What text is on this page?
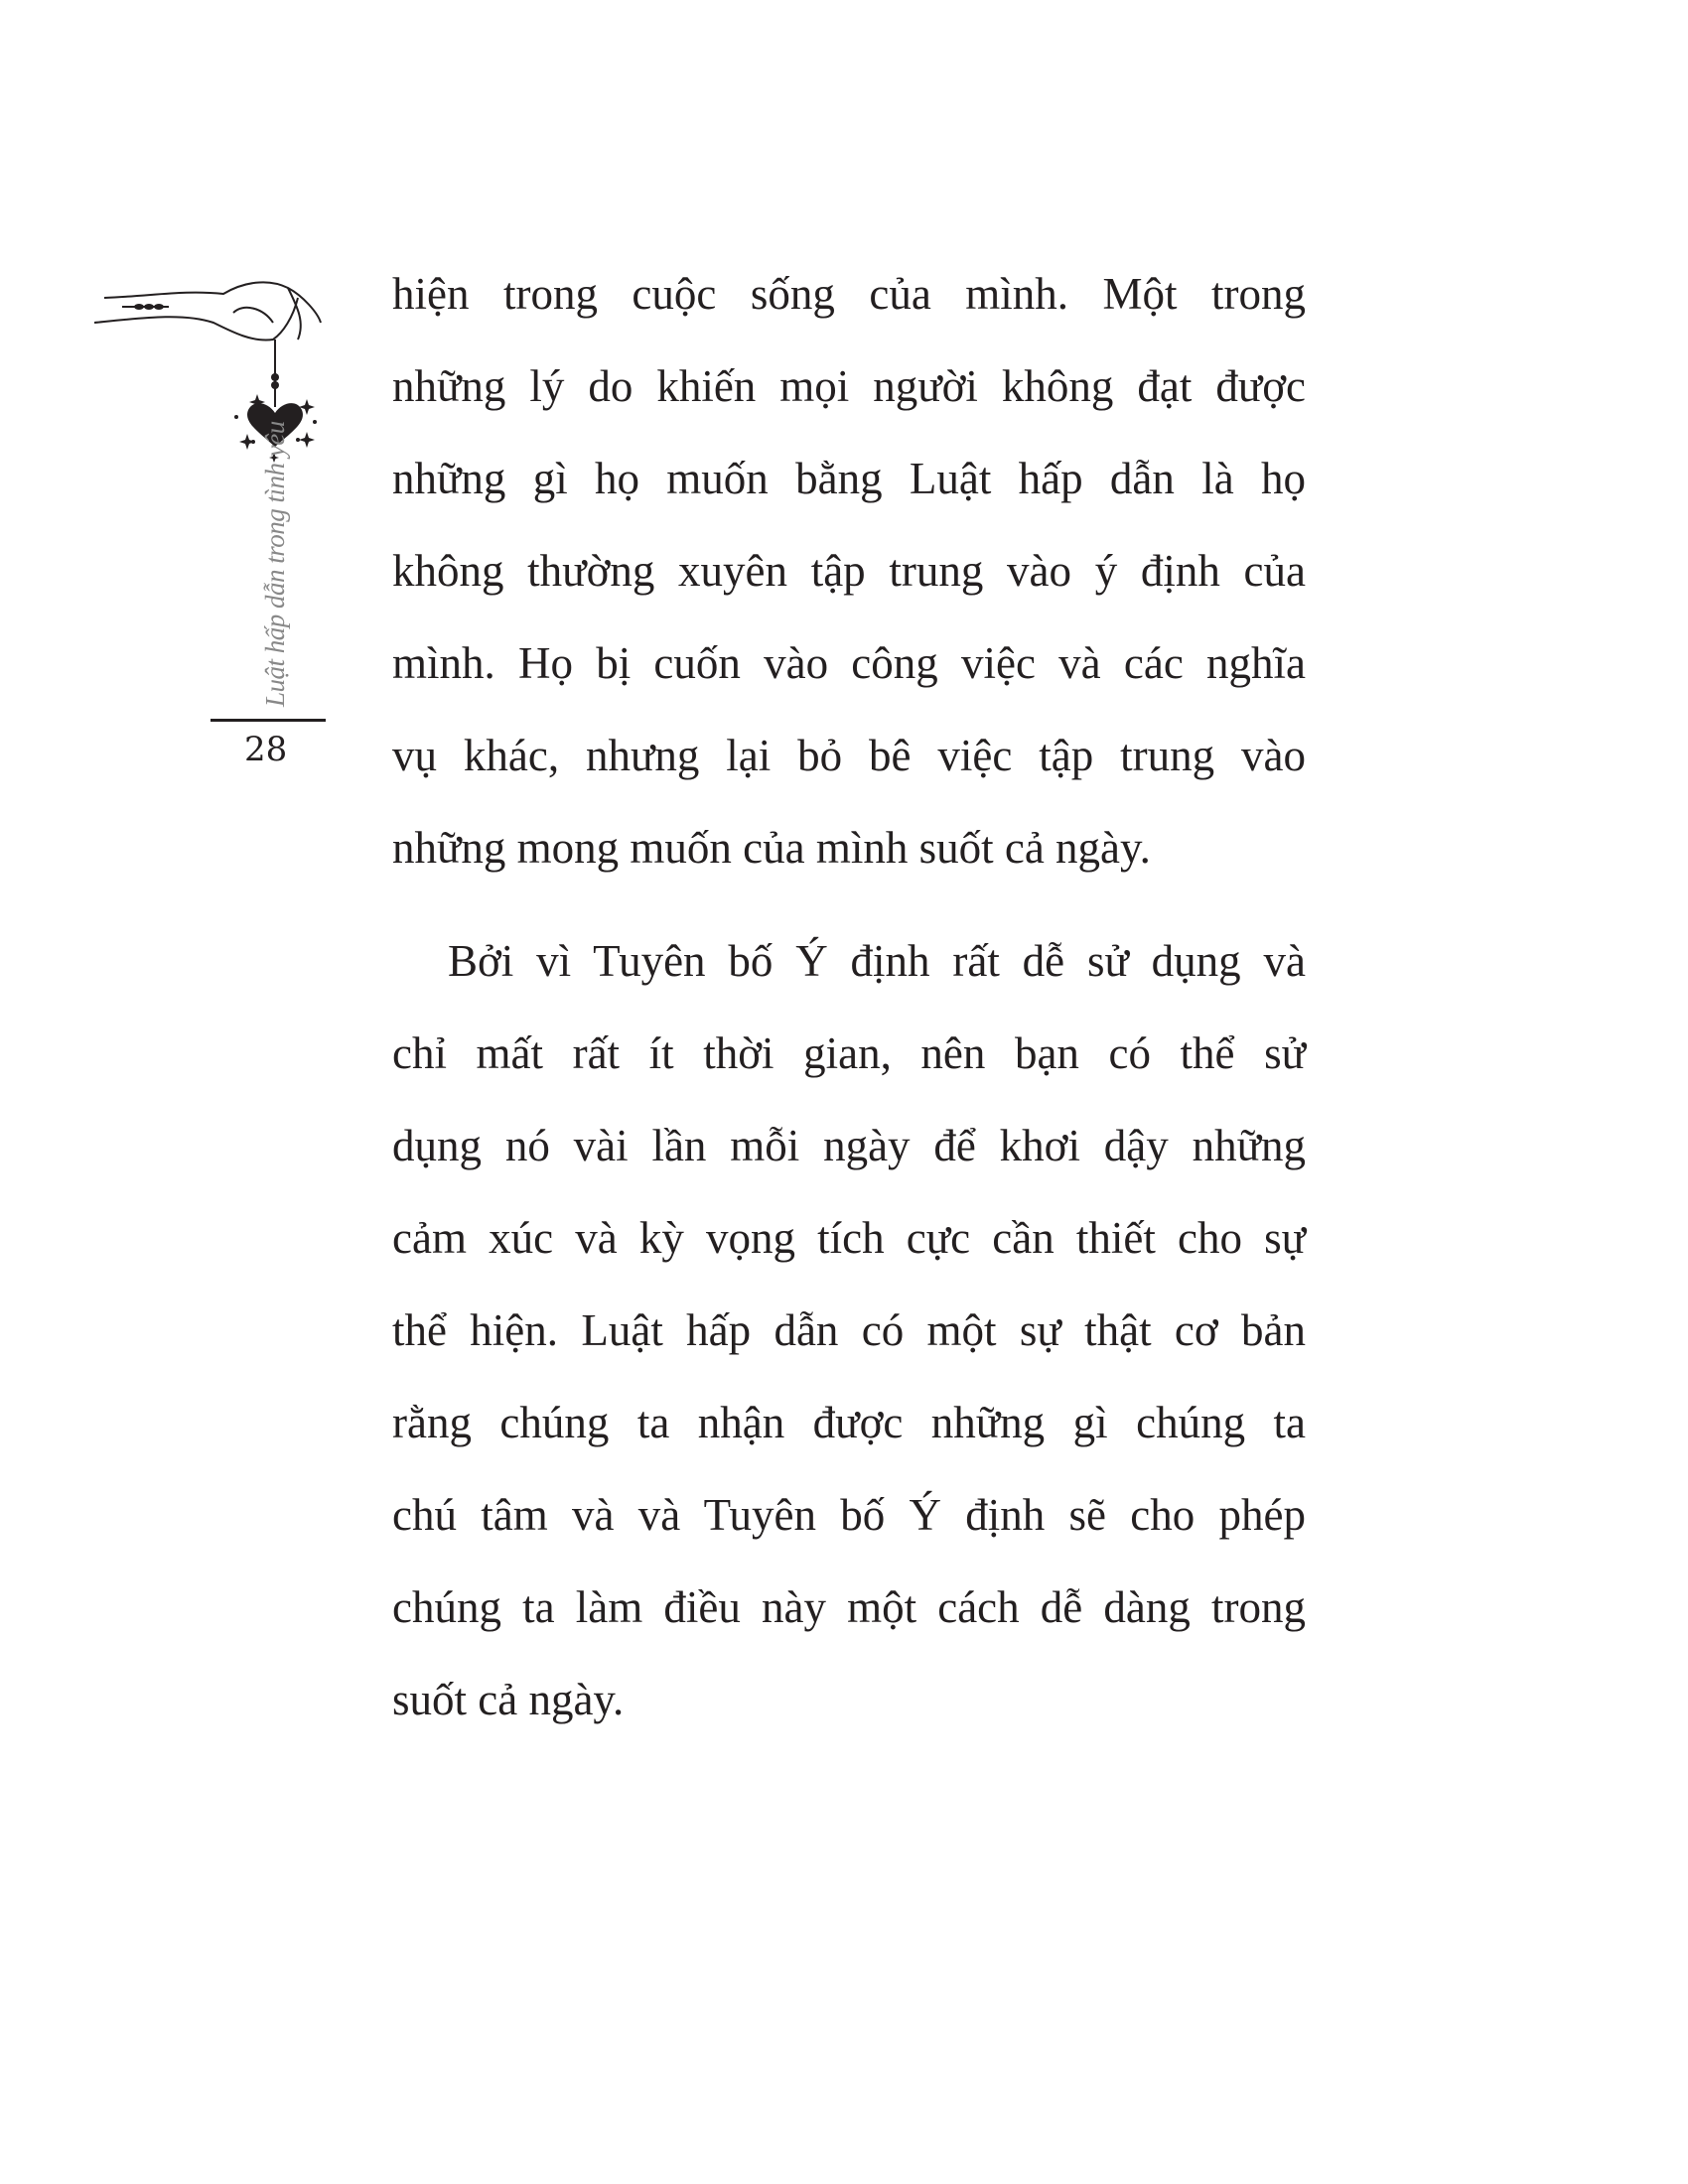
Luật hấp dẫn trong tình yêu
28
hiện trong cuộc sống của mình. Một trong
những lý do khiến mọi người không đạt được
những gì họ muốn bằng Luật hấp dẫn là họ
không thường xuyên tập trung vào ý định của
mình. Họ bị cuốn vào công việc và các nghĩa
vụ khác, nhưng lại bỏ bê việc tập trung vào
những mong muốn của mình suốt cả ngày.
Bởi vì Tuyên bố Ý định rất dễ sử dụng và
chỉ mất rất ít thời gian, nên bạn có thể sử
dụng nó vài lần mỗi ngày để khơi dậy những
cảm xúc và kỳ vọng tích cực cần thiết cho sự
thể hiện. Luật hấp dẫn có một sự thật cơ bản
rằng chúng ta nhận được những gì chúng ta
chú tâm và và Tuyên bố Ý định sẽ cho phép
chúng ta làm điều này một cách dễ dàng trong
suốt cả ngày.
